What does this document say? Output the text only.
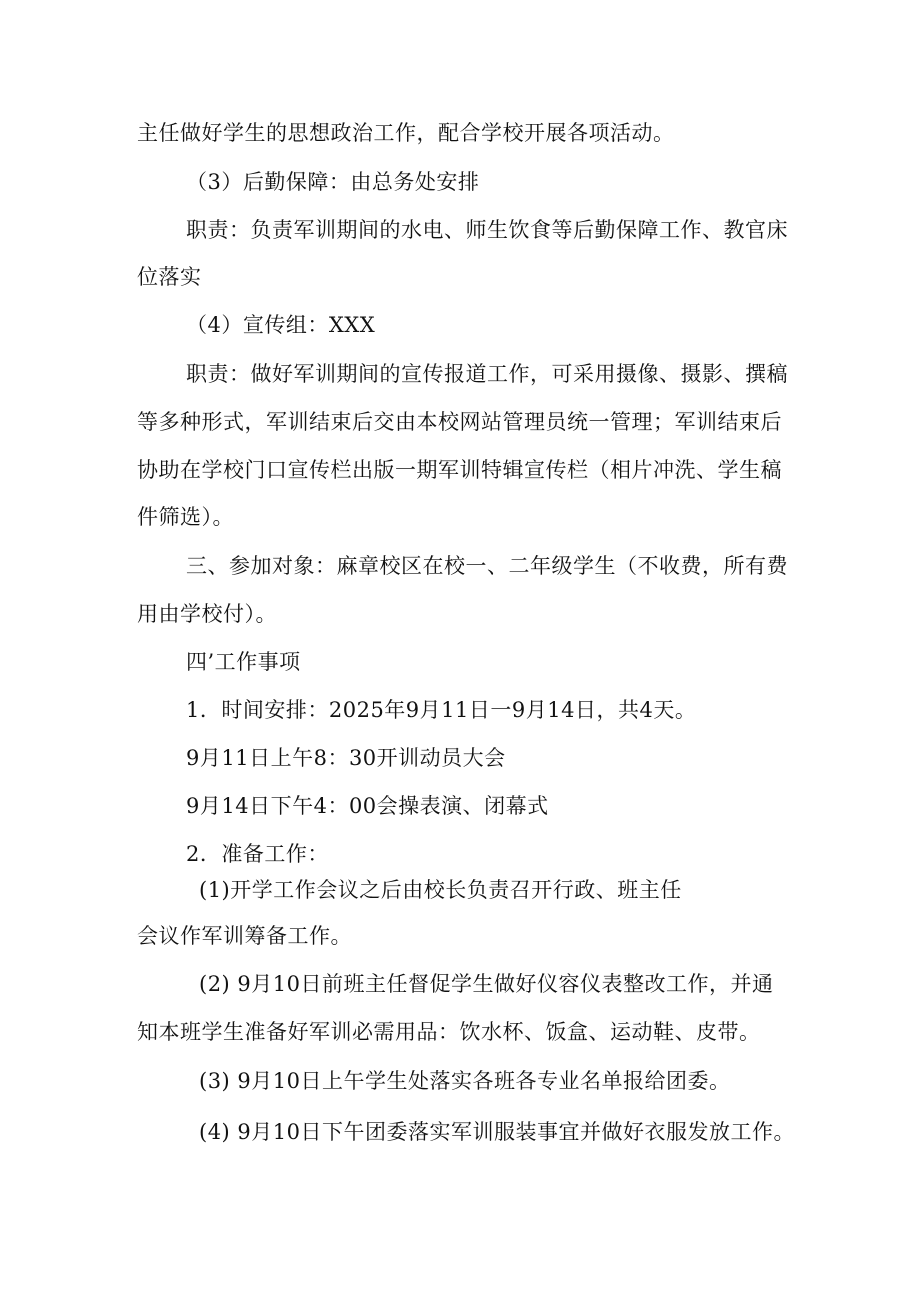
主任做好学生的思想政治工作，配合学校开展各项活动。
（3）后勤保障：由总务处安排
职责：负责军训期间的水电、师生饮食等后勤保障工作、教官床
位落实
（4）宣传组：XXX
职责：做好军训期间的宣传报道工作，可采用摄像、摄影、撰稿
等多种形式，军训结束后交由本校网站管理员统一管理；军训结束后
协助在学校门口宣传栏出版一期军训特辑宣传栏（相片冲洗、学生稿
件筛选）。
三、参加对象：麻章校区在校一、二年级学生（不收费，所有费
用由学校付）。
四’工作事项
1．时间安排：2025年9月11日一9月14日，共4天。
9月11日上午8：30开训动员大会
9月14日下午4：00会操表演、闭幕式
2．准备工作：
(1)开学工作会议之后由校长负责召开行政、班主任
会议作军训筹备工作。
(2) 9月10日前班主任督促学生做好仪容仪表整改工作，并通
知本班学生准备好军训必需用品：饮水杯、饭盒、运动鞋、皮带。
(3) 9月10日上午学生处落实各班各专业名单报给团委。
(4) 9月10日下午团委落实军训服装事宜并做好衣服发放工作。
